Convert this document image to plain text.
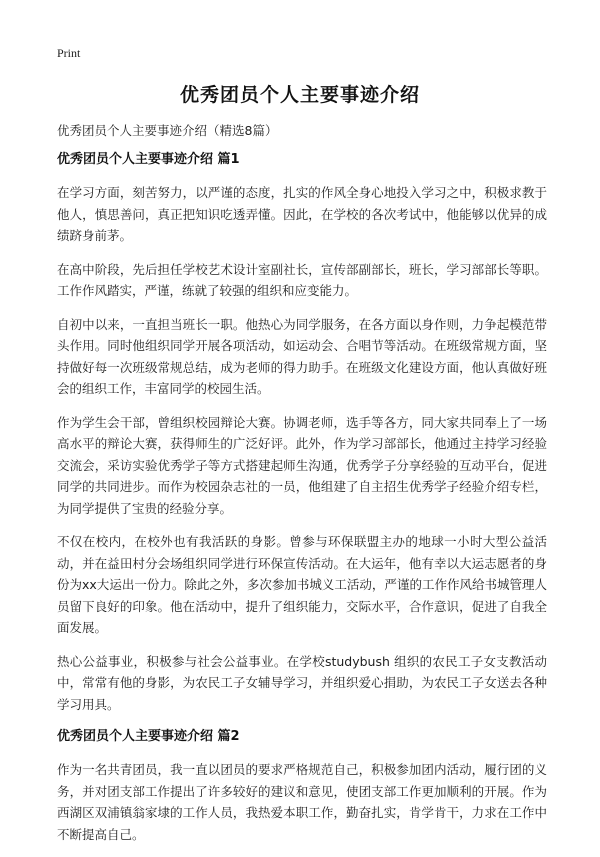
Print
优秀团员个人主要事迹介绍
优秀团员个人主要事迹介绍（精选8篇）
优秀团员个人主要事迹介绍 篇1

在学习方面，刻苦努力，以严谨的态度，扎实的作风全身心地投入学习之中，积极求教于他人，慎思善问，真正把知识吃透弄懂。因此，在学校的各次考试中，他能够以优异的成绩跻身前茅。

在高中阶段，先后担任学校艺术设计室副社长，宣传部副部长，班长，学习部部长等职。工作作风踏实，严谨，练就了较强的组织和应变能力。

自初中以来，一直担当班长一职。他热心为同学服务，在各方面以身作则，力争起模范带头作用。同时他组织同学开展各项活动，如运动会、合唱节等活动。在班级常规方面，坚持做好每一次班级常规总结，成为老师的得力助手。在班级文化建设方面，他认真做好班会的组织工作，丰富同学的校园生活。

作为学生会干部，曾组织校园辩论大赛。协调老师，选手等各方，同大家共同奉上了一场高水平的辩论大赛，获得师生的广泛好评。此外，作为学习部部长，他通过主持学习经验交流会，采访实验优秀学子等方式搭建起师生沟通，优秀学子分享经验的互动平台，促进同学的共同进步。而作为校园杂志社的一员，他组建了自主招生优秀学子经验介绍专栏，为同学提供了宝贵的经验分享。

不仅在校内，在校外也有我活跃的身影。曾参与环保联盟主办的地球一小时大型公益活动，并在益田村分会场组织同学进行环保宣传活动。在大运年，他有幸以大运志愿者的身份为xx大运出一份力。除此之外，多次参加书城义工活动，严谨的工作作风给书城管理人员留下良好的印象。他在活动中，提升了组织能力，交际水平，合作意识，促进了自我全面发展。

热心公益事业，积极参与社会公益事业。在学校studybush 组织的农民工子女支教活动中，常常有他的身影，为农民工子女辅导学习，并组织爱心捐助，为农民工子女送去各种学习用具。

优秀团员个人主要事迹介绍 篇2

作为一名共青团员，我一直以团员的要求严格规范自己，积极参加团内活动，履行团的义务，并对团支部工作提出了许多较好的建议和意见，使团支部工作更加顺利的开展。作为西湖区双浦镇翁家埭的工作人员，我热爱本职工作，勤奋扎实，肯学肯干，力求在工作中不断提高自己。
